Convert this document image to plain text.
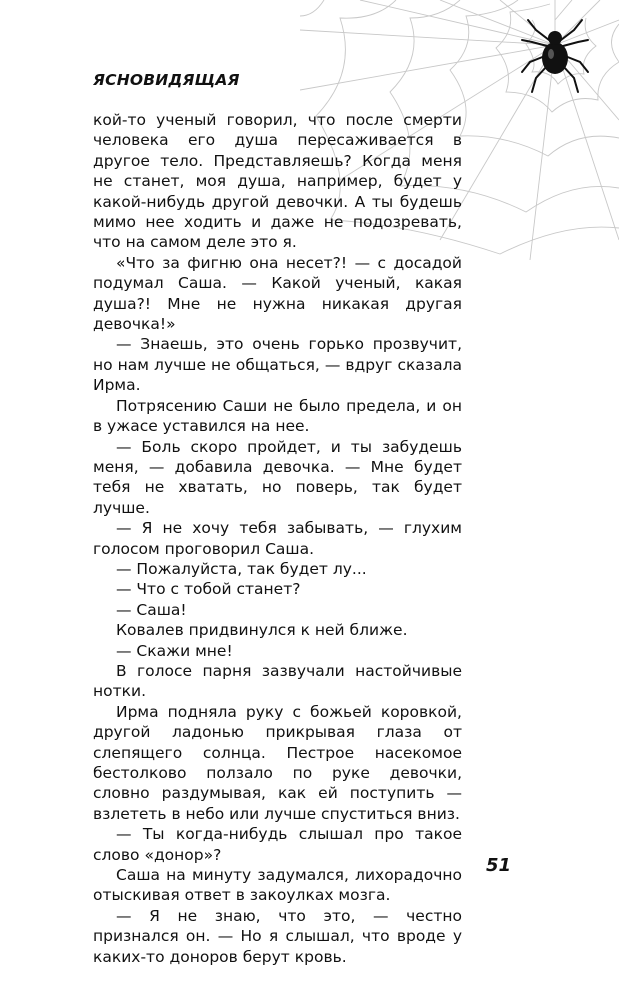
ЯСНОВИДЯЩАЯ

кой-то ученый говорил, что после смерти человека его душа пересаживается в другое тело. Представляешь? Когда меня не станет, моя душа, например, будет у какой-нибудь другой девочки. А ты будешь мимо нее ходить и даже не подозревать, что на самом деле это я.

«Что за фигню она несет?! — с досадой подумал Саша. — Какой ученый, какая душа?! Мне не нужна никакая другая девочка!»

— Знаешь, это очень горько прозвучит, но нам лучше не общаться, — вдруг сказала Ирма.

Потрясению Саши не было предела, и он в ужасе уставился на нее.

— Боль скоро пройдет, и ты забудешь меня, — добавила девочка. — Мне будет тебя не хватать, но поверь, так будет лучше.

— Я не хочу тебя забывать, — глухим голосом проговорил Саша.

— Пожалуйста, так будет лу...

— Что с тобой станет?

— Саша!

Ковалев придвинулся к ней ближе.

— Скажи мне!

В голосе парня зазвучали настойчивые нотки.

Ирма подняла руку с божьей коровкой, другой ладонью прикрывая глаза от слепящего солнца. Пестрое насекомое бестолково ползало по руке девочки, словно раздумывая, как ей поступить — взлететь в небо или лучше спуститься вниз.

— Ты когда-нибудь слышал про такое слово «донор»?

Саша на минуту задумался, лихорадочно отыскивая ответ в закоулках мозга.

— Я не знаю, что это, — честно признался он. — Но я слышал, что вроде у каких-то доноров берут кровь.

51
